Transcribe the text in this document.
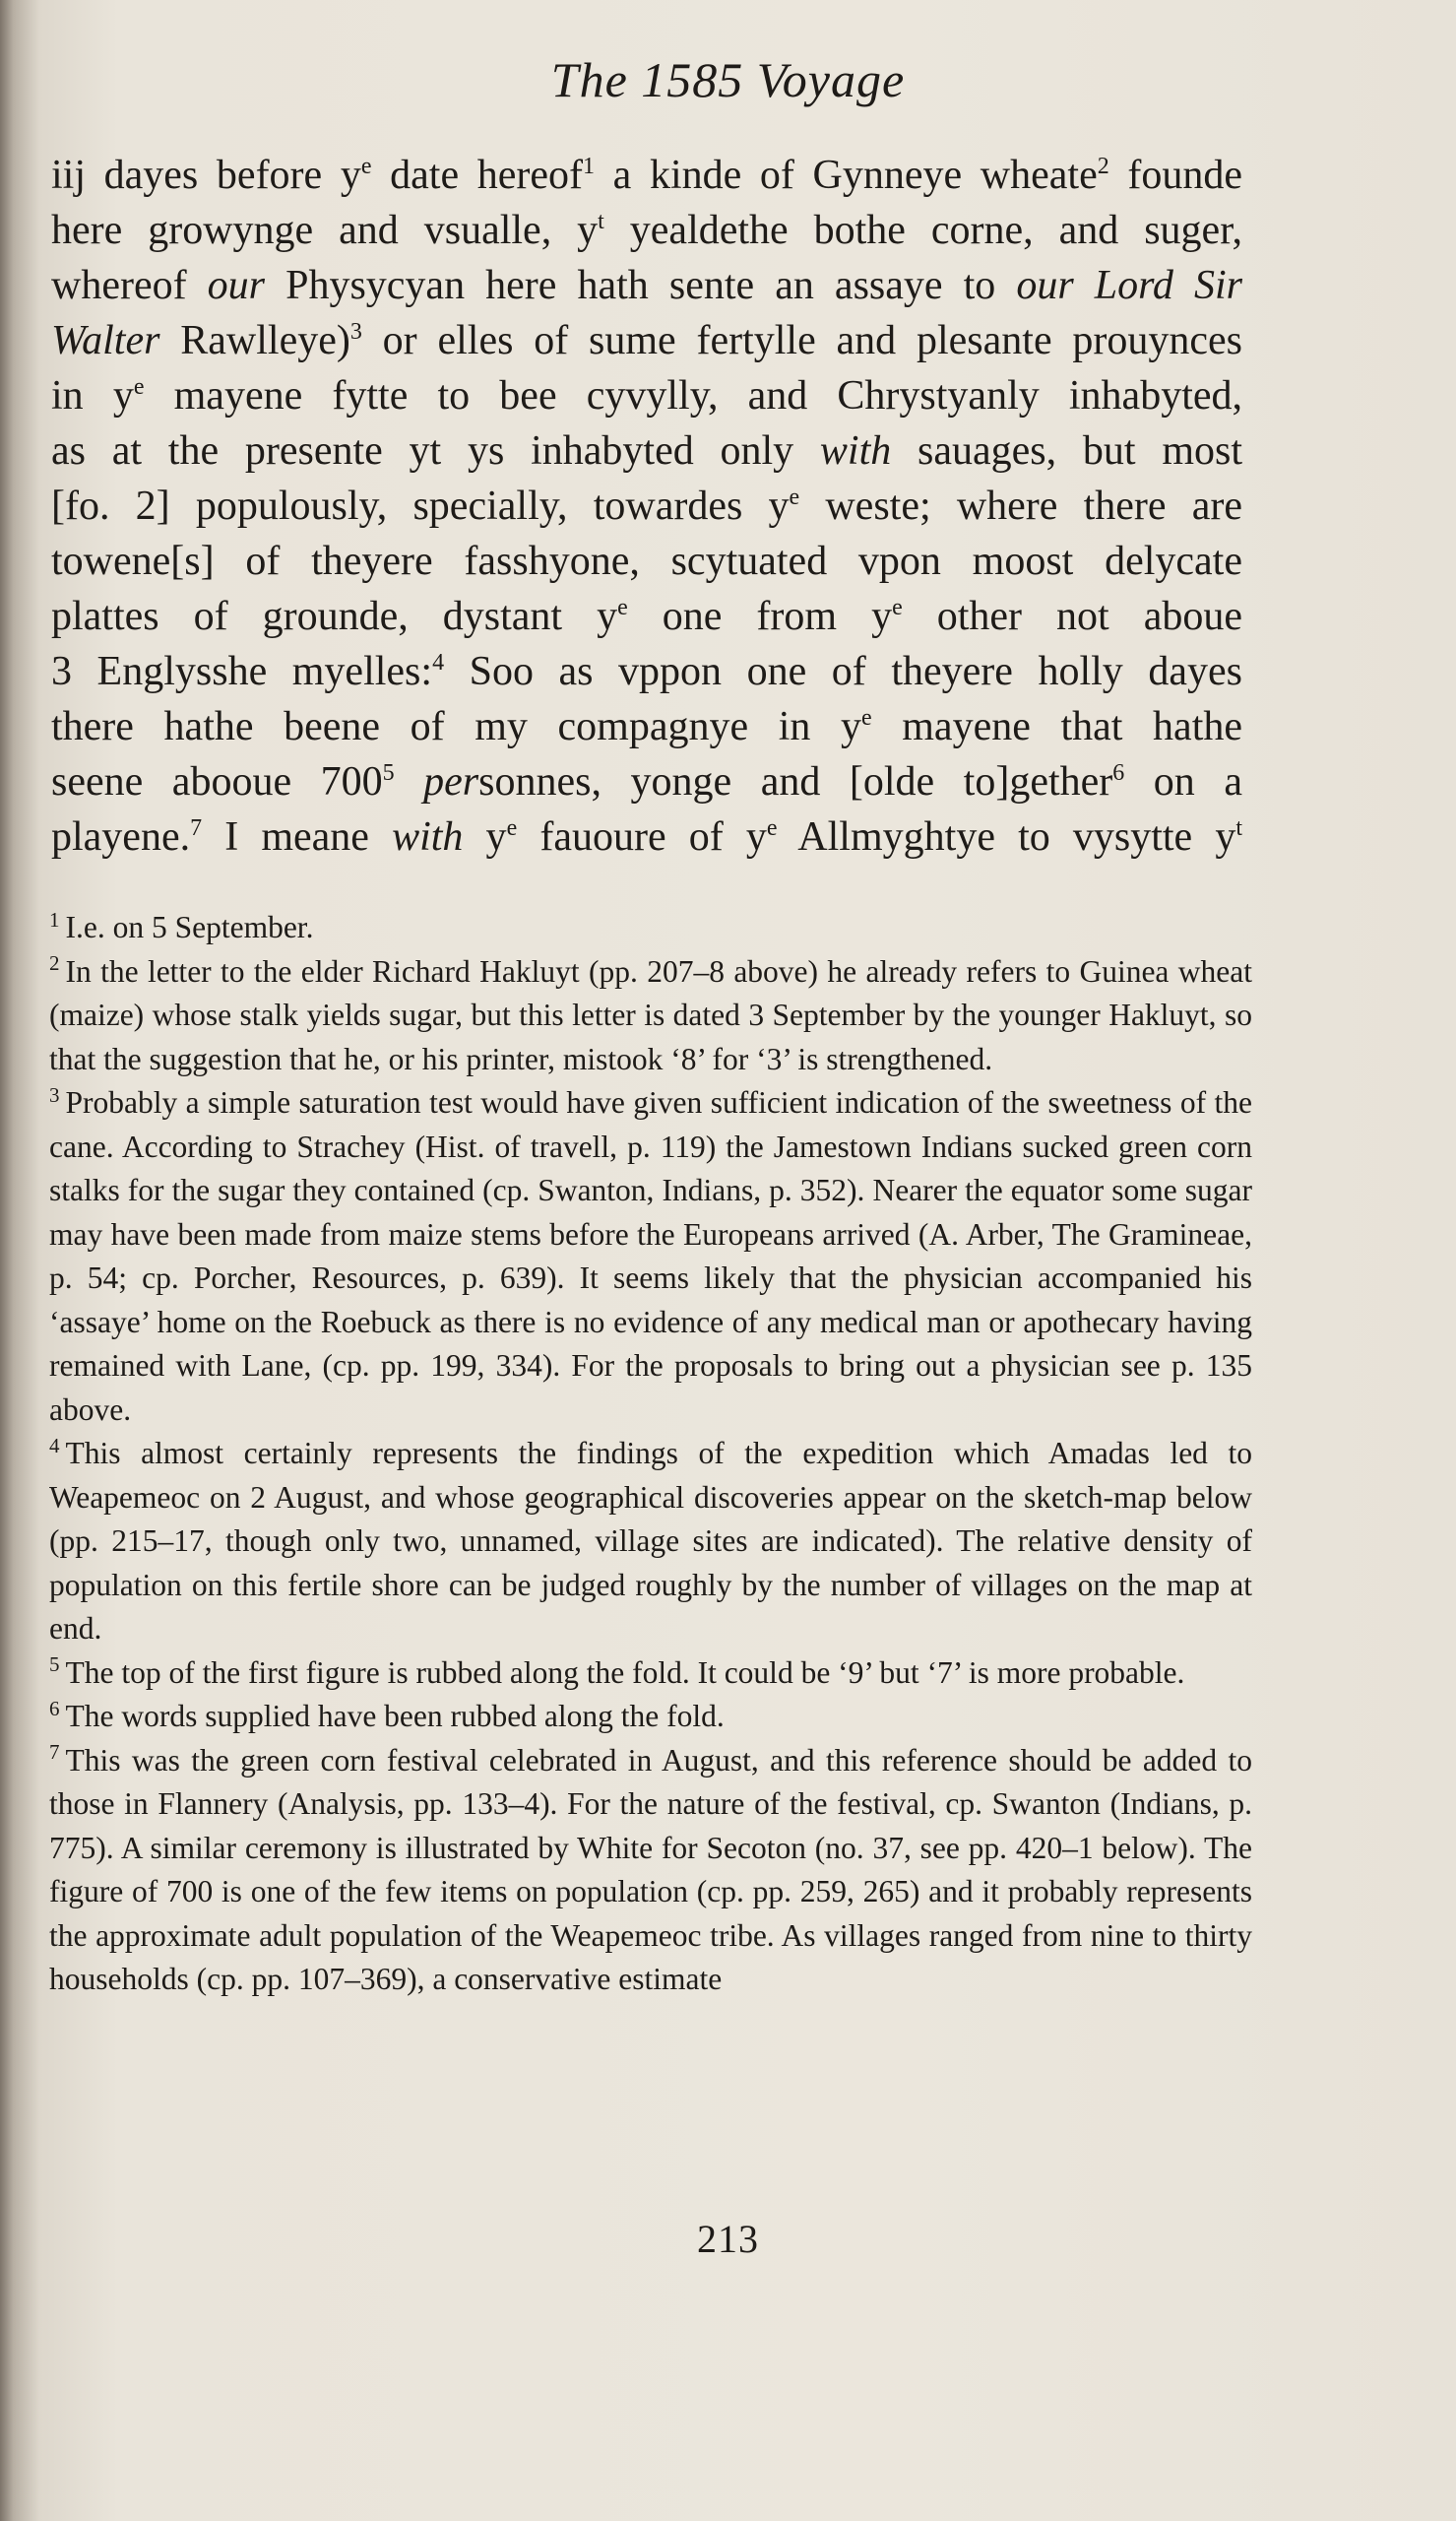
The 1585 Voyage
iij dayes before $y^e$ date hereof$^1$ a kinde of Gynneye wheate$^2$ founde
here growynge and vsualle, $y^t$ yealdethe bothe corne, and suger,
whereof our Physycyan here hath sente an assaye to our Lord Sir
Walter Rawlleye)$^3$ or elles of sume fertylle and plesante prouynces
in $y^e$ mayene fytte to bee cyvylly, and Chrystyanly inhabyted,
as at the presente yt ys inhabyted only with sauages, but most
[fo. 2] populously, specially, towardes $y^e$ weste; where there are
towene[s] of theyere fasshyone, scytuated vpon moost delycate
plattes of grounde, dystant $y^e$ one from $y^e$ other not aboue
3 Englysshe myelles:$^4$ Soo as vppon one of theyere holly dayes
there hathe beene of my compagnye in $y^e$ mayene that hathe
seene abooue $700^5$ personnes, yonge and [olde to]gether$^6$ on a
playene.$^7$ I meane with $y^e$ fauoure of $y^e$ Allmyghtye to vysytte $y^t$

$^1$ I.e. on 5 September.

$^2$ In the letter to the elder Richard Hakluyt (pp. 207–8 above) he already refers to Guinea wheat (maize) whose stalk yields sugar, but this letter is dated 3 September by the younger Hakluyt, so that the suggestion that he, or his printer, mistook ‘8’ for ‘3’ is strengthened.

$^3$ Probably a simple saturation test would have given sufficient indication of the sweetness of the cane. According to Strachey (Hist. of travell, p. 119) the Jamestown Indians sucked green corn stalks for the sugar they contained (cp. Swanton, Indians, p. 352). Nearer the equator some sugar may have been made from maize stems before the Europeans arrived (A. Arber, The Gramineae, p. 54; cp. Porcher, Resources, p. 639). It seems likely that the physician accompanied his ‘assaye’ home on the Roebuck as there is no evidence of any medical man or apothecary having remained with Lane, (cp. pp. 199, 334). For the proposals to bring out a physician see p. 135 above.

$^4$ This almost certainly represents the findings of the expedition which Amadas led to Weapemeoc on 2 August, and whose geographical discoveries appear on the sketch-map below (pp. 215–17, though only two, unnamed, village sites are indicated). The relative density of population on this fertile shore can be judged roughly by the number of villages on the map at end.

$^5$ The top of the first figure is rubbed along the fold. It could be ‘9’ but ‘7’ is more probable.

$^6$ The words supplied have been rubbed along the fold.

$^7$ This was the green corn festival celebrated in August, and this reference should be added to those in Flannery (Analysis, pp. 133–4). For the nature of the festival, cp. Swanton (Indians, p. 775). A similar ceremony is illustrated by White for Secoton (no. 37, see pp. 420–1 below). The figure of 700 is one of the few items on population (cp. pp. 259, 265) and it probably represents the approximate adult population of the Weapemeoc tribe. As villages ranged from nine to thirty households (cp. pp. 107–369), a conservative estimate

213
